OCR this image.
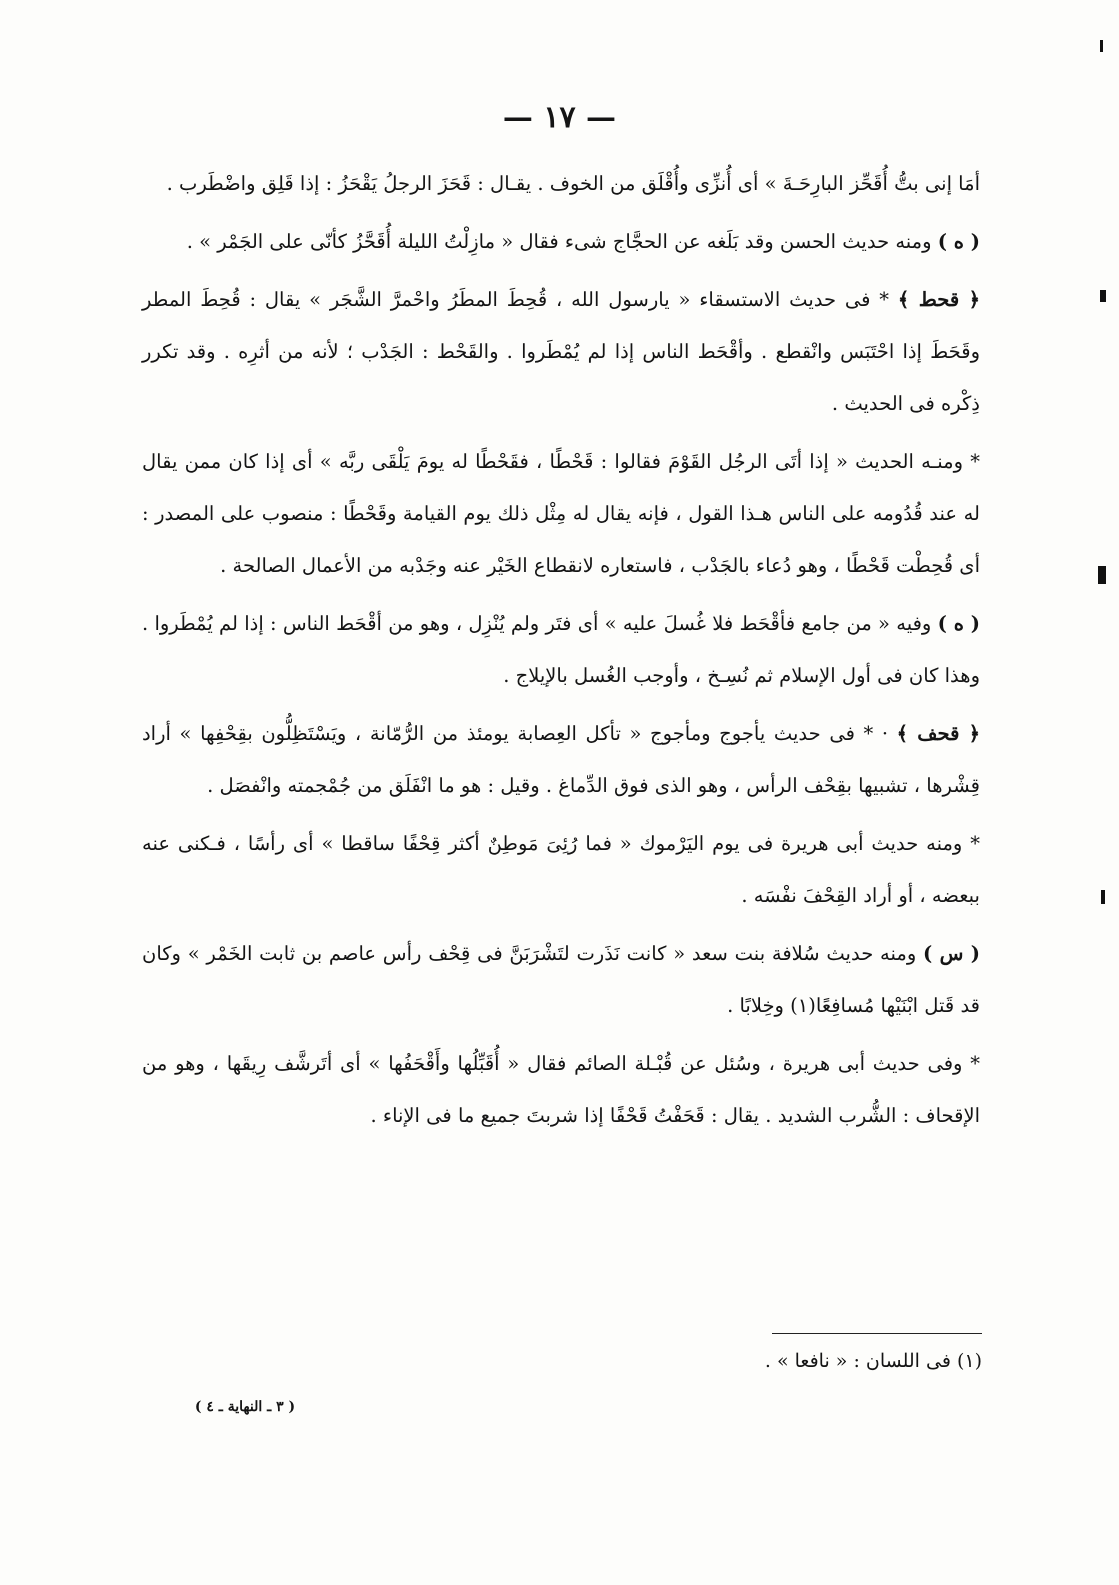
— ١٧ —

أمَا إنى بتُّ أُقَحِّز البارِحَـةَ » أى أُنزِّى وأُقْلَق من الخوف . يقـال : قَحَزَ الرجلُ يَقْحَزُ : إذا قَلِق واضْطَرب .

( ه ) ومنه حديث الحسن وقد بَلَغه عن الحجَّاج شىء فقال « مازِلْتُ الليلة أُقَحَّزُ كأنّى على الجَمْر » .

﴿ قحط ﴾ * فى حديث الاستسقاء « يارسول الله ، قُحِطَ المطَرُ واحْمرَّ الشَّجَر » يقال : قُحِطَ المطر وقَحَطَ إذا احْتَبَس وانْقطع . وأقْحَط الناس إذا لم يُمْطَروا . والقَحْط : الجَدْب ؛ لأنه من أثرِه . وقد تكرر ذِكْره فى الحديث .

* ومنـه الحديث « إذا أتَى الرجُل القَوْمَ فقالوا : قَحْطًا ، فقَحْطًا له يومَ يَلْقَى ربَّه » أى إذا كان ممن يقال له عند قُدُومه على الناس هـذا القول ، فإنه يقال له مِثْل ذلك يوم القيامة وقَحْطًا : منصوب على المصدر : أى قُحِطْت قَحْطًا ، وهو دُعاء بالجَدْب ، فاستعاره لانقطاع الخَيْر عنه وجَدْبه من الأعمال الصالحة .

( ه ) وفيه « من جامع فأقْحَط فلا غُسلَ عليه » أى فتَر ولم يُنْزِل ، وهو من أقْحَط الناس : إذا لم يُمْطَروا . وهذا كان فى أول الإسلام ثم نُسِـخ ، وأوجب الغُسل بالإيلاج .

﴿ قحف ﴾ · * فى حديث يأجوج ومأجوج « تأكل العِصابة يومئذ من الرُّمّانة ، ويَسْتَظِلُّون بقِحْفِها » أراد قِشْرها ، تشبيها بقِحْف الرأس ، وهو الذى فوق الدِّماغ . وقيل : هو ما انْفَلَق من جُمْجمته وانْفصَل .

* ومنه حديث أبى هريرة فى يوم اليَرْموك « فما رُئِىَ مَوطِنٌ أكثر قِحْفًا ساقطا » أى رأسًا ، فـكنى عنه ببعضه ، أو أراد القِحْفَ نفْسَه .

( س ) ومنه حديث سُلافة بنت سعد « كانت نَذَرت لتَشْرَبَنَّ فى قِحْف رأس عاصم بن ثابت الخَمْر » وكان قد قَتل ابْنَيْها مُسافِعًا(١) وخِلابًا .

* وفى حديث أبى هريرة ، وسُئل عن قُبْـلة الصائم فقال « أُقَبِّلُها وأَقْحَفُها » أى أتَرشَّف رِيقَها ، وهو من الإقحاف : الشُّرب الشديد . يقال : قَحَفْتُ قَحْفًا إذا شربتَ جميع ما فى الإناء .

(١) فى اللسان : « نافعا » .
( ٣ ـ النهاية ـ ٤ )
